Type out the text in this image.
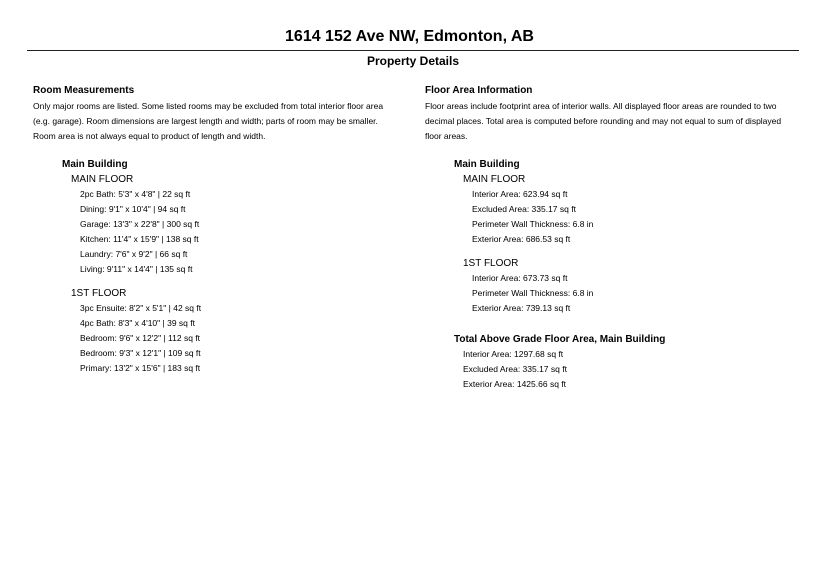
1614 152 Ave NW, Edmonton, AB
Property Details
Room Measurements
Only major rooms are listed. Some listed rooms may be excluded from total interior floor area
(e.g. garage). Room dimensions are largest length and width; parts of room may be smaller.
Room area is not always equal to product of length and width.
Main Building
MAIN FLOOR
2pc Bath: 5'3" x 4'8" | 22 sq ft
Dining: 9'1" x 10'4" | 94 sq ft
Garage: 13'3" x 22'8" | 300 sq ft
Kitchen: 11'4" x 15'9" | 138 sq ft
Laundry: 7'6" x 9'2" | 66 sq ft
Living: 9'11" x 14'4" | 135 sq ft
1ST FLOOR
3pc Ensuite: 8'2" x 5'1" | 42 sq ft
4pc Bath: 8'3" x 4'10" | 39 sq ft
Bedroom: 9'6" x 12'2" | 112 sq ft
Bedroom: 9'3" x 12'1" | 109 sq ft
Primary: 13'2" x 15'6" | 183 sq ft
Floor Area Information
Floor areas include footprint area of interior walls. All displayed floor areas are rounded to two
decimal places. Total area is computed before rounding and may not equal to sum of displayed
floor areas.
Main Building
MAIN FLOOR
Interior Area: 623.94 sq ft
Excluded Area: 335.17 sq ft
Perimeter Wall Thickness: 6.8 in
Exterior Area: 686.53 sq ft
1ST FLOOR
Interior Area: 673.73 sq ft
Perimeter Wall Thickness: 6.8 in
Exterior Area: 739.13 sq ft
Total Above Grade Floor Area, Main Building
Interior Area: 1297.68 sq ft
Excluded Area: 335.17 sq ft
Exterior Area: 1425.66 sq ft
